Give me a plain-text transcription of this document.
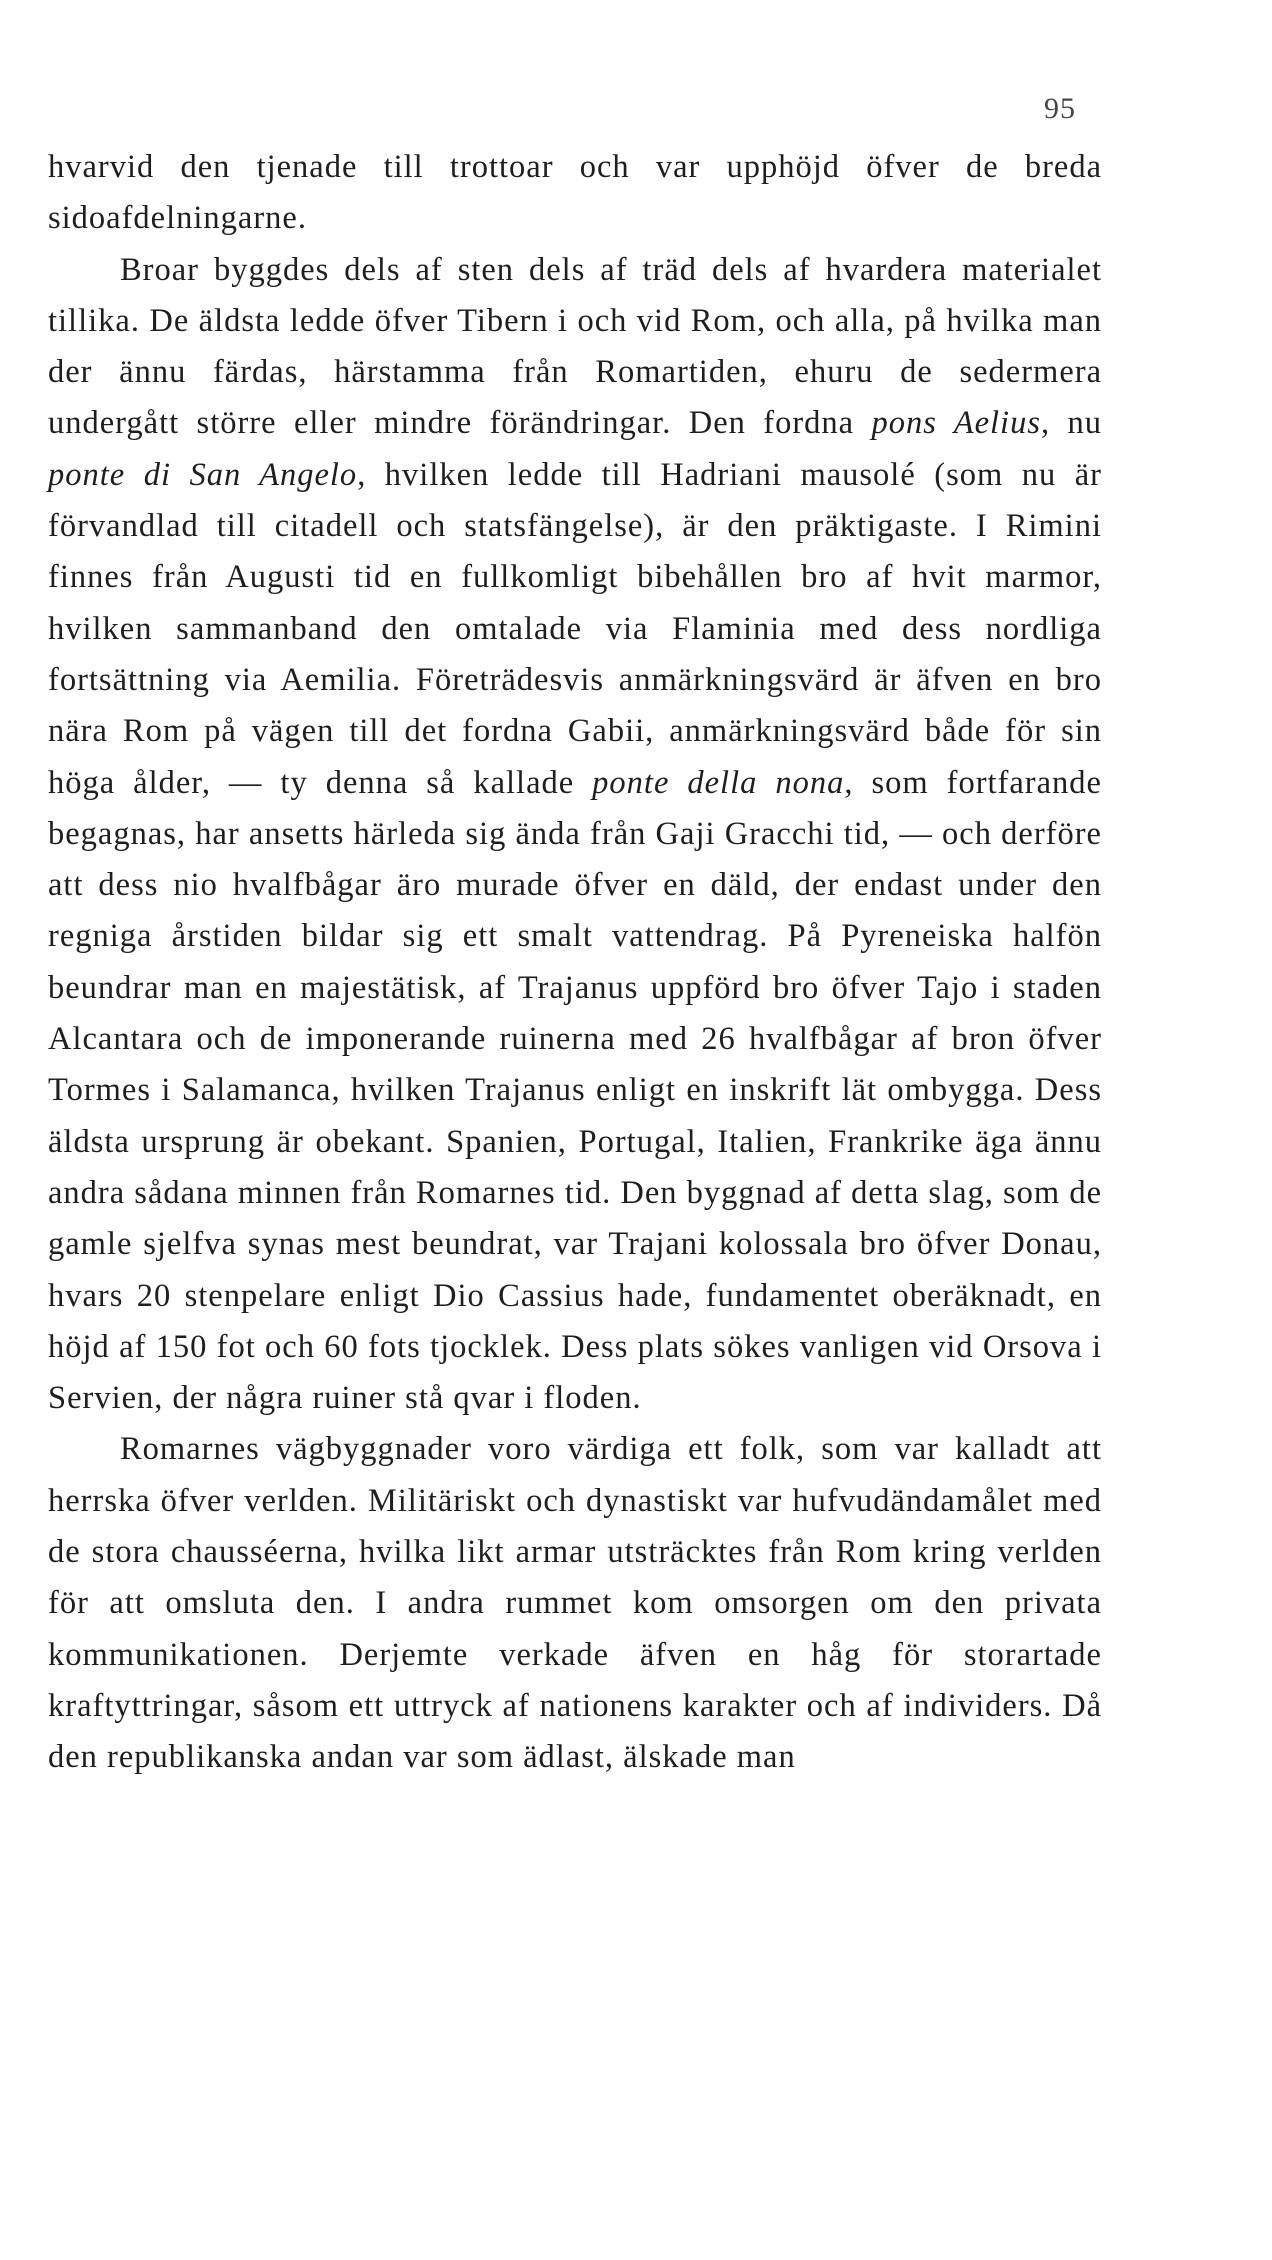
95

hvarvid den tjenade till trottoar och var upphöjd öfver de breda sidoafdelningarne.

Broar byggdes dels af sten dels af träd dels af hvardera materialet tillika. De äldsta ledde öfver Tibern i och vid Rom, och alla, på hvilka man der ännu färdas, härstamma från Romartiden, ehuru de sedermera undergått större eller mindre förändringar. Den fordna pons Aelius, nu ponte di San Angelo, hvilken ledde till Hadriani mausolé (som nu är förvandlad till citadell och statsfängelse), är den präktigaste. I Rimini finnes från Augusti tid en fullkomligt bibehållen bro af hvit marmor, hvilken sammanband den omtalade via Flaminia med dess nordliga fortsättning via Aemilia. Företrädesvis anmärkningsvärd är äfven en bro nära Rom på vägen till det fordna Gabii, anmärkningsvärd både för sin höga ålder, — ty denna så kallade ponte della nona, som fortfarande begagnas, har ansetts härleda sig ända från Gaji Gracchi tid, — och derföre att dess nio hvalfbågar äro murade öfver en däld, der endast under den regniga årstiden bildar sig ett smalt vattendrag. På Pyreneiska halfön beundrar man en majestätisk, af Trajanus uppförd bro öfver Tajo i staden Alcantara och de imponerande ruinerna med 26 hvalfbågar af bron öfver Tormes i Salamanca, hvilken Trajanus enligt en inskrift lät ombygga. Dess äldsta ursprung är obekant. Spanien, Portugal, Italien, Frankrike äga ännu andra sådana minnen från Romarnes tid. Den byggnad af detta slag, som de gamle sjelfva synas mest beundrat, var Trajani kolossala bro öfver Donau, hvars 20 stenpelare enligt Dio Cassius hade, fundamentet oberäknadt, en höjd af 150 fot och 60 fots tjocklek. Dess plats sökes vanligen vid Orsova i Servien, der några ruiner stå qvar i floden.

Romarnes vägbyggnader voro värdiga ett folk, som var kalladt att herrska öfver verlden. Militäriskt och dynastiskt var hufvudändamålet med de stora chausséerna, hvilka likt armar utsträcktes från Rom kring verlden för att omsluta den. I andra rummet kom omsorgen om den privata kommunikationen. Derjemte verkade äfven en håg för storartade kraftyttringar, såsom ett uttryck af nationens karakter och af individers. Då den republikanska andan var som ädlast, älskade man
